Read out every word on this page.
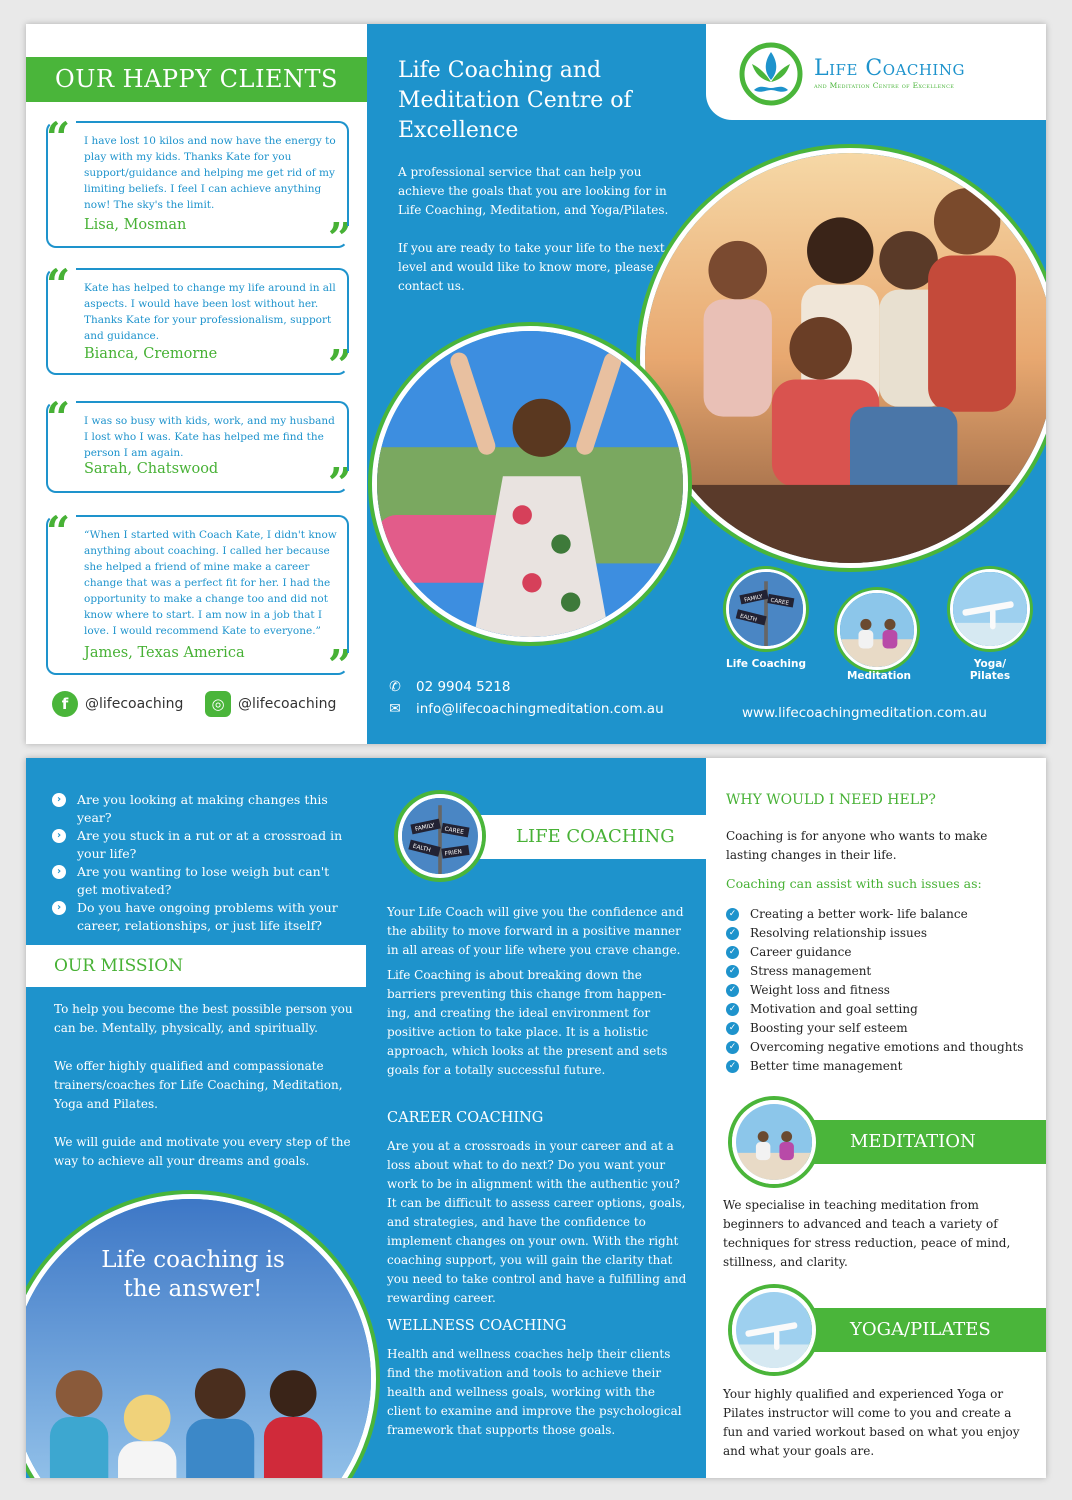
OUR HAPPY CLIENTS
“ I have lost 10 kilos and now have the energy to play with my kids. Thanks Kate for you support/guidance and helping me get rid of my limiting beliefs. I feel I can achieve anything now! The sky's the limit.
Lisa, Mosman	”
“ Kate has helped to change my life around in all aspects. I would have been lost without her. Thanks Kate for your professionalism, support and guidance.
Bianca, Cremorne	”
“ I was so busy with kids, work, and my husband I lost who I was. Kate has helped me find the person I am again.
Sarah, Chatswood	”
“ “When I started with Coach Kate, I didn't know anything about coaching. I called her because she helped a friend of mine make a career change that was a perfect fit for her. I had the opportunity to make a change too and did not know where to start. I am now in a job that I love. I would recommend Kate to everyone.”
James, Texas America ”
f	@lifecoaching	◎ @lifecoaching
Life Coaching
and Meditation Centre of Excellence
Life Coaching and Meditation Centre of Excellence

A professional service that can help you achieve the goals that you are looking for in Life Coaching, Meditation, and Yoga/Pilates.

If you are ready to take your life to the next level and would like to know more, please contact us.

FAMILY CAREE
EALTH
Life Coaching
Meditation
Yoga/ Pilates
✆ 02 9904 5218
✉ info@lifecoachingmeditation.com.au	www.lifecoachingmeditation.com.au
›	Are you looking at making changes this year?
›	Are you stuck in a rut or at a crossroad in your life?
›	Are you wanting to lose weigh but can't get motivated?
›	Do you have ongoing problems with your career, relationships, or just life itself?
OUR MISSION

To help you become the best possible person you can be. Mentally, physically, and spiritually.

We offer highly qualified and compassionate trainers/coaches for Life Coaching, Meditation, Yoga and Pilates.

We will guide and motivate you every step of the way to achieve all your dreams and goals.

Life coaching is
the answer!
LIFE COACHING
FAMILY CAREE
EALTH FRIEN

Your Life Coach will give you the confidence and the ability to move forward in a positive manner in all areas of your life where you crave change.

Life Coaching is about breaking down the barriers preventing this change from happen-ing, and creating the ideal environment for positive action to take place. It is a holistic approach, which looks at the present and sets goals for a totally successful future.

CAREER COACHING
Are you at a crossroads in your career and at a loss about what to do next? Do you want your work to be in alignment with the authentic you? It can be difficult to assess career options, goals, and strategies, and have the confidence to implement changes on your own. With the right coaching support, you will gain the clarity that you need to take control and have a fulfilling and rewarding career.
WELLNESS COACHING
Health and wellness coaches help their clients find the motivation and tools to achieve their health and wellness goals, working with the client to examine and improve the psychological framework that supports those goals.
WHY WOULD I NEED HELP?
Coaching is for anyone who wants to make lasting changes in their life.
Coaching can assist with such issues as:
✓ Creating a better work- life balance
✓ Resolving relationship issues
✓ Career guidance
✓ Stress management
✓ Weight loss and fitness
✓ Motivation and goal setting
✓ Boosting your self esteem
✓ Overcoming negative emotions and thoughts
✓ Better time management
MEDITATION
We specialise in teaching meditation from beginners to advanced and teach a variety of techniques for stress reduction, peace of mind, stillness, and clarity.
YOGA/PILATES
Your highly qualified and experienced Yoga or Pilates instructor will come to you and create a fun and varied workout based on what you enjoy and what your goals are.
